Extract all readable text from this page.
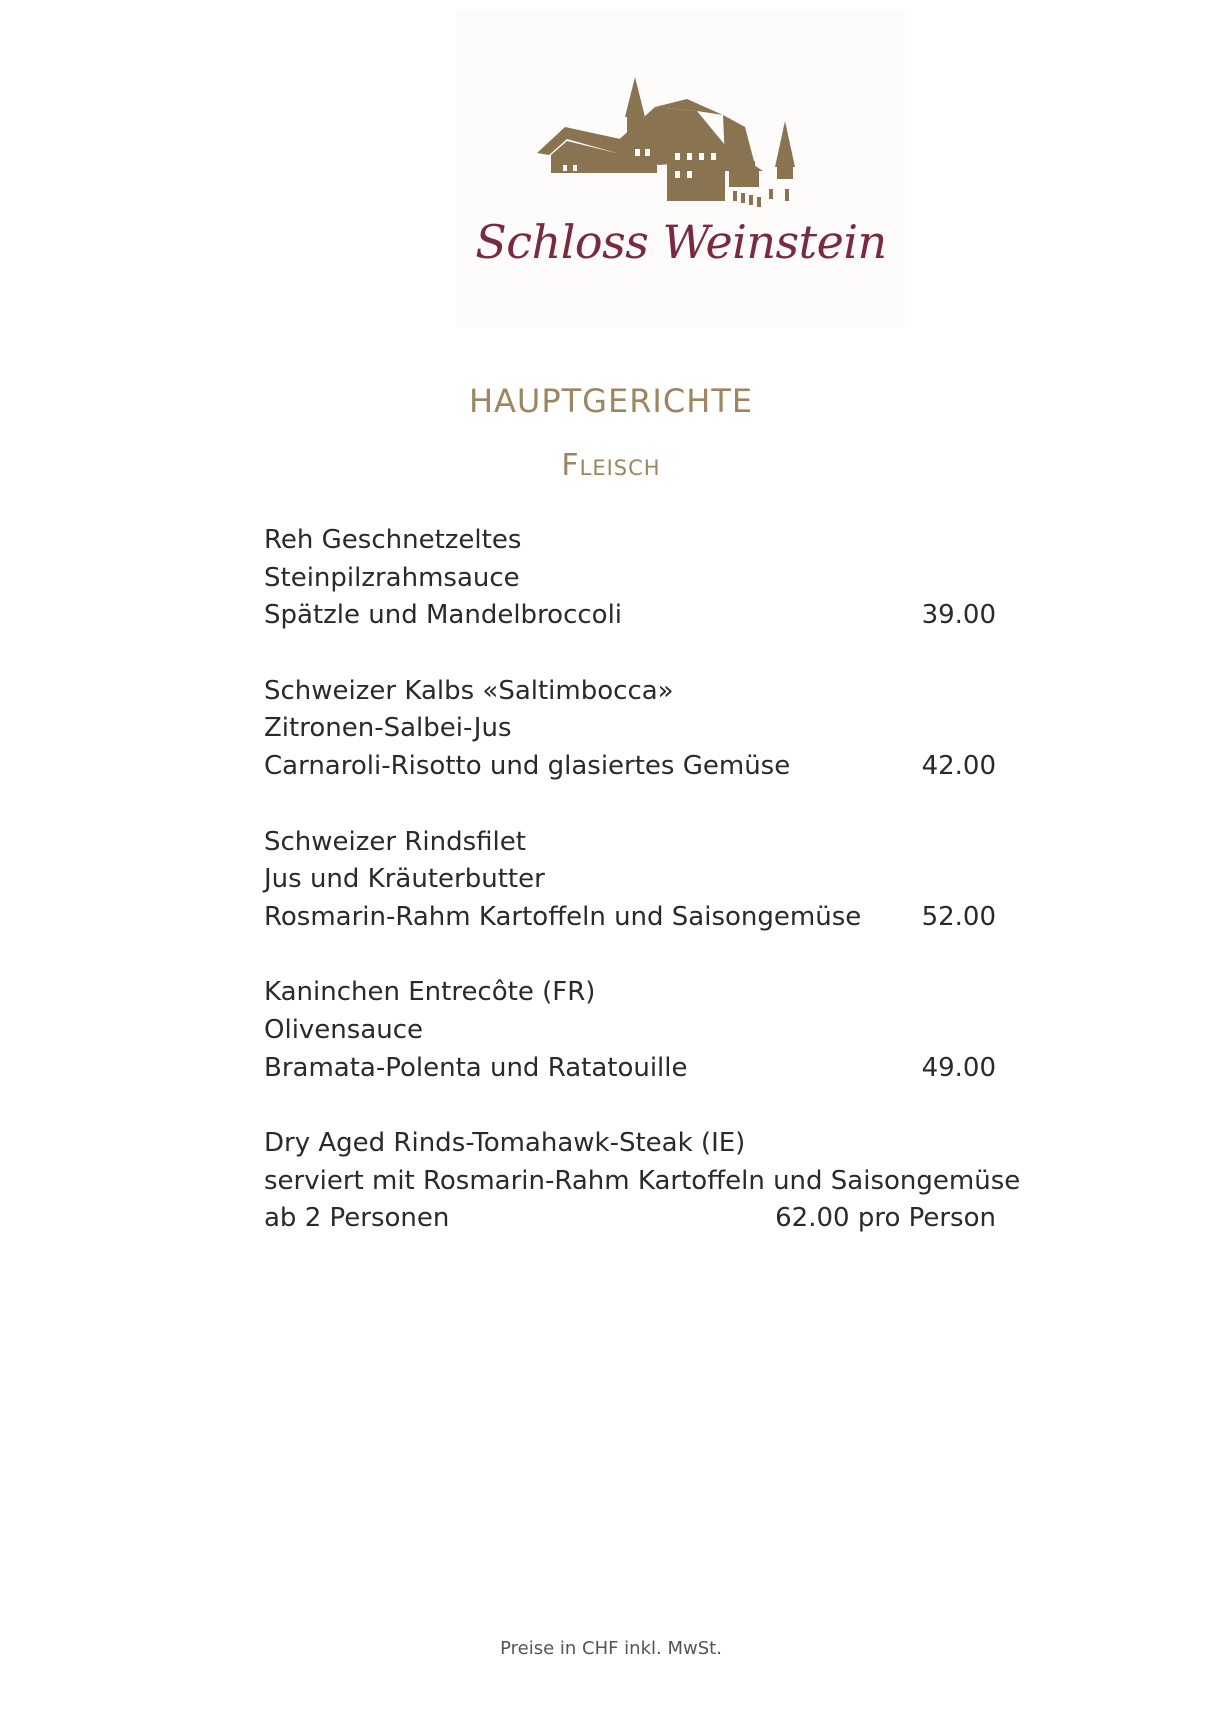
Schloss Weinstein
HAUPTGERICHTE
Fleisch
Reh Geschnetzeltes
Steinpilzrahmsauce
Spätzle und Mandelbroccoli	39.00
Schweizer Kalbs «Saltimbocca»
Zitronen-Salbei-Jus
Carnaroli-Risotto und glasiertes Gemüse	42.00
Schweizer Rindsfilet
Jus und Kräuterbutter
Rosmarin-Rahm Kartoffeln und Saisongemüse 52.00
Kaninchen Entrecôte (FR)
Olivensauce
Bramata-Polenta und Ratatouille	49.00
Dry Aged Rinds-Tomahawk-Steak (IE)
serviert mit Rosmarin-Rahm Kartoffeln und Saisongemüse
ab 2 Personen	62.00 pro Person
Preise in CHF inkl. MwSt.
